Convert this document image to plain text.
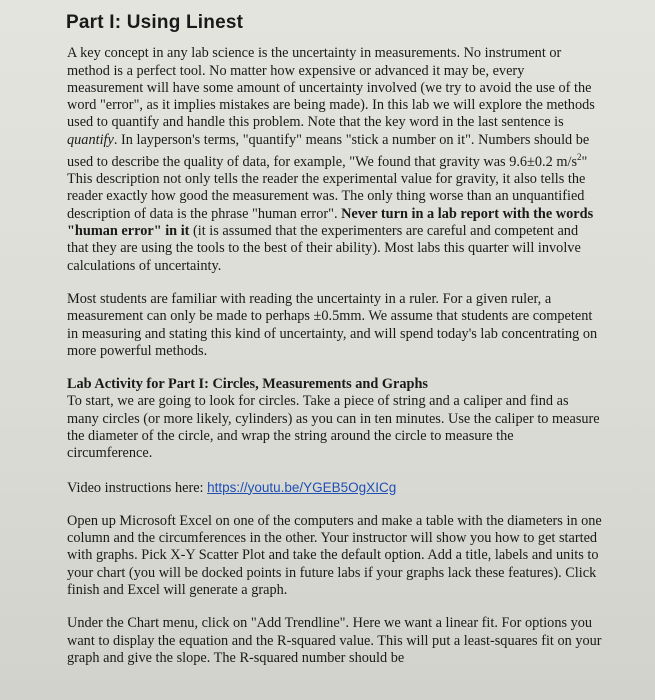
Part I: Using Linest

A key concept in any lab science is the uncertainty in measurements. No instrument or method is a perfect tool. No matter how expensive or advanced it may be, every measurement will have some amount of uncertainty involved (we try to avoid the use of the word "error", as it implies mistakes are being made). In this lab we will explore the methods used to quantify and handle this problem. Note that the key word in the last sentence is quantify. In layperson's terms, "quantify" means "stick a number on it". Numbers should be used to describe the quality of data, for example, "We found that gravity was 9.6±0.2 $m/s^2$" This description not only tells the reader the experimental value for gravity, it also tells the reader exactly how good the measurement was. The only thing worse than an unquantified description of data is the phrase "human error". Never turn in a lab report with the words "human error" in it (it is assumed that the experimenters are careful and competent and that they are using the tools to the best of their ability). Most labs this quarter will involve calculations of uncertainty.

Most students are familiar with reading the uncertainty in a ruler. For a given ruler, a measurement can only be made to perhaps ±0.5mm. We assume that students are competent in measuring and stating this kind of uncertainty, and will spend today's lab concentrating on more powerful methods.

Lab Activity for Part I: Circles, Measurements and Graphs
To start, we are going to look for circles. Take a piece of string and a caliper and find as many circles (or more likely, cylinders) as you can in ten minutes. Use the caliper to measure the diameter of the circle, and wrap the string around the circle to measure the circumference.

Video instructions here: https://youtu.be/YGEB5OgXICg

Open up Microsoft Excel on one of the computers and make a table with the diameters in one column and the circumferences in the other. Your instructor will show you how to get started with graphs. Pick X-Y Scatter Plot and take the default option. Add a title, labels and units to your chart (you will be docked points in future labs if your graphs lack these features). Click finish and Excel will generate a graph.

Under the Chart menu, click on "Add Trendline". Here we want a linear fit. For options you want to display the equation and the R-squared value. This will put a least-squares fit on your graph and give the slope. The R-squared number should be
